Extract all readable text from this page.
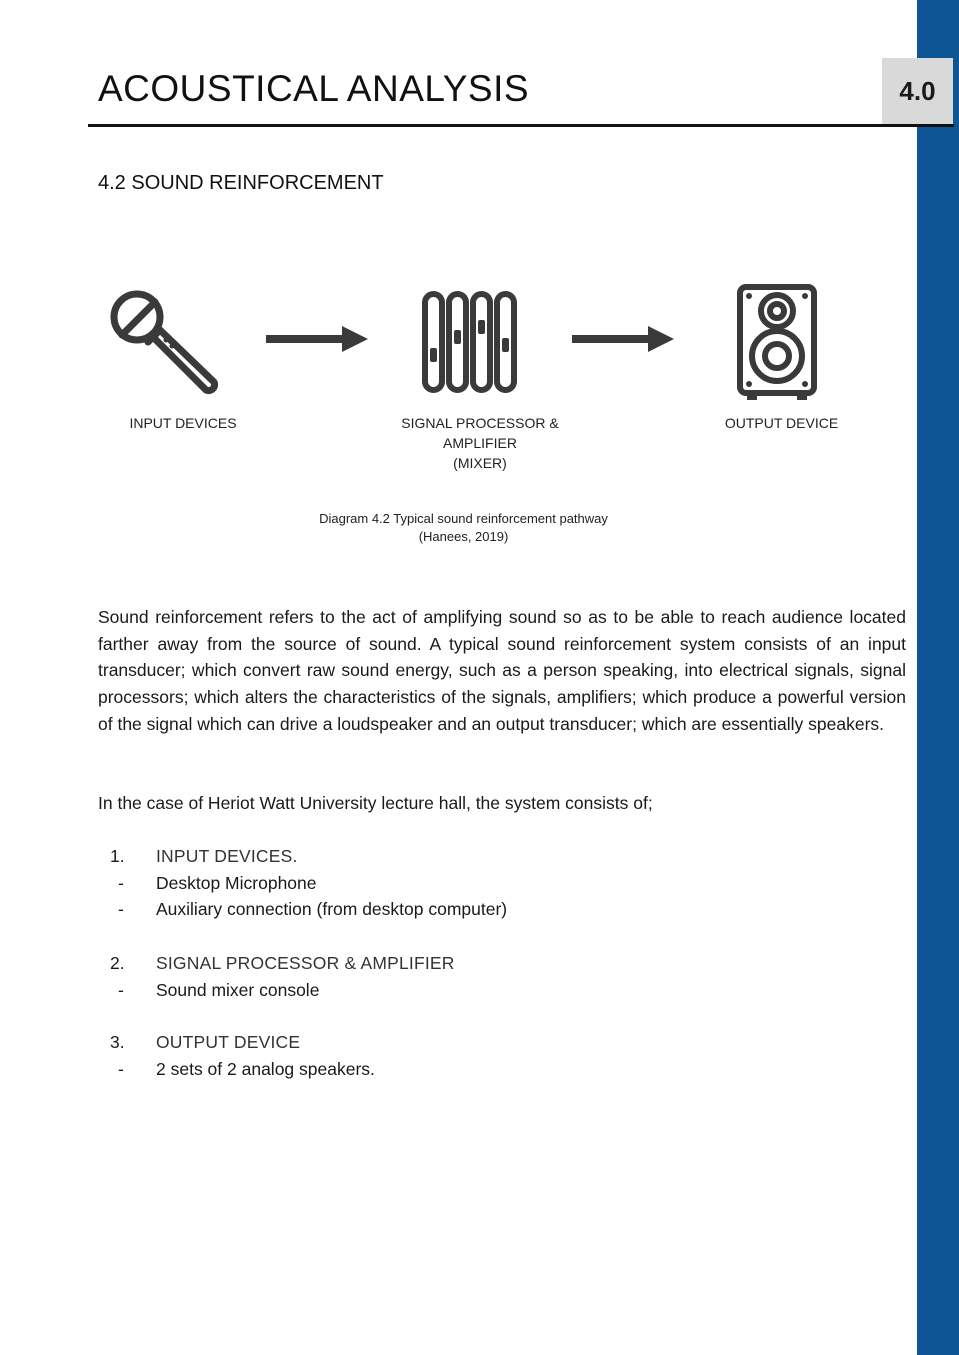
4.0
ACOUSTICAL ANALYSIS
4.2 SOUND REINFORCEMENT
INPUT DEVICES	SIGNAL PROCESSOR &
AMPLIFIER
(MIXER)
OUTPUT DEVICE
Diagram 4.2 Typical sound reinforcement pathway
(Hanees, 2019)

Sound reinforcement refers to the act of amplifying sound so as to be able to reach audience located farther away from the source of sound. A typical sound reinforcement system consists of an input transducer; which convert raw sound energy, such as a person speaking, into electrical signals, signal processors; which alters the characteristics of the signals, amplifiers; which produce a powerful version of the signal which can drive a loudspeaker and an output transducer; which are essentially speakers.

In the case of Heriot Watt University lecture hall, the system consists of;

1. INPUT DEVICES.
- Desktop Microphone
- Auxiliary connection (from desktop computer)
2. SIGNAL PROCESSOR & AMPLIFIER
- Sound mixer console
3. OUTPUT DEVICE
- 2 sets of 2 analog speakers.
